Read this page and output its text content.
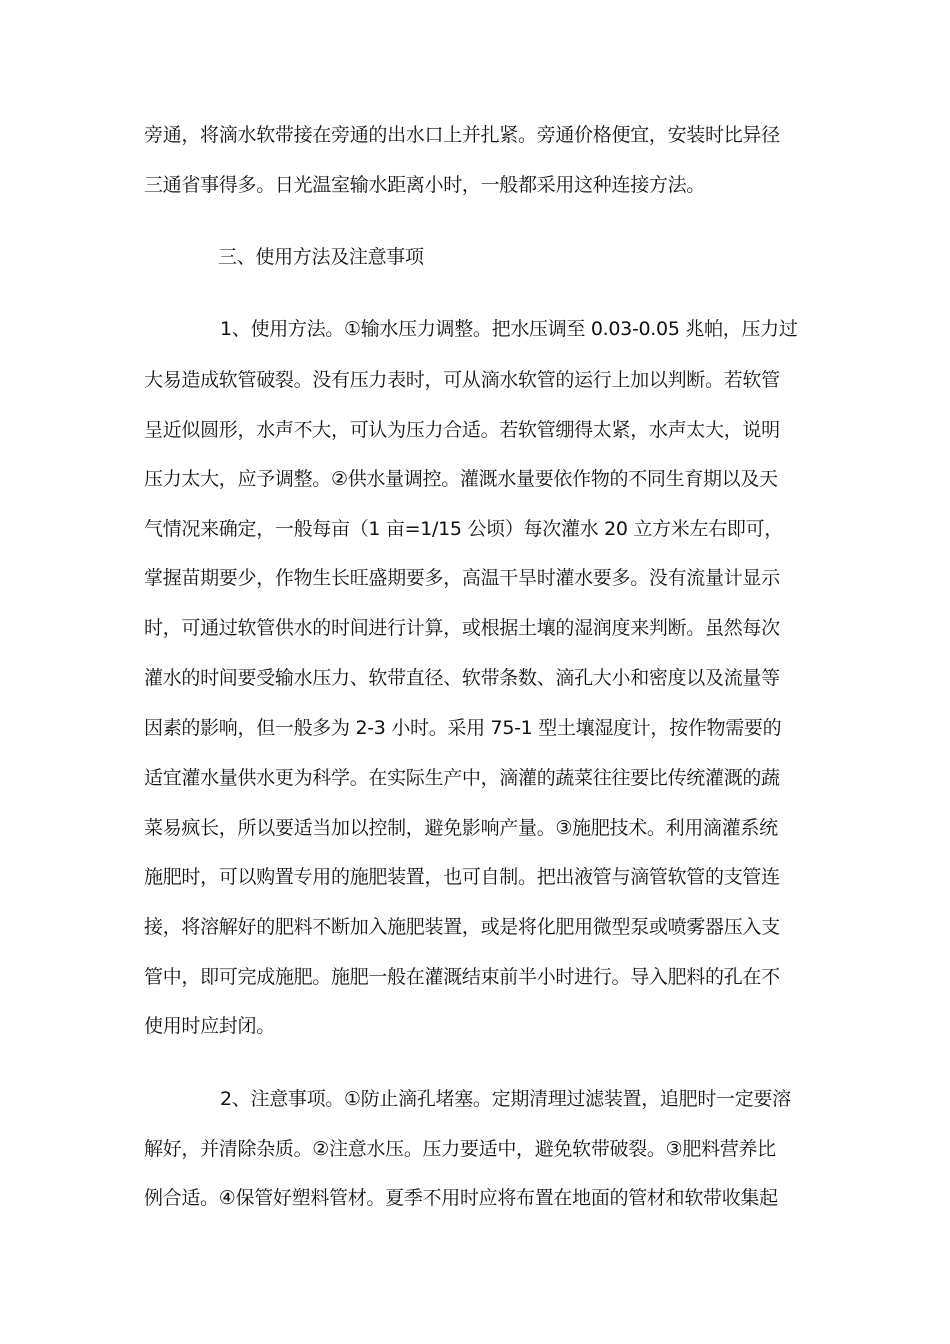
旁通，将滴水软带接在旁通的出水口上并扎紧。旁通价格便宜，安装时比异径

三通省事得多。日光温室输水距离小时，一般都采用这种连接方法。

三、使用方法及注意事项

1、使用方法。①输水压力调整。把水压调至 0.03-0.05 兆帕，压力过

大易造成软管破裂。没有压力表时，可从滴水软管的运行上加以判断。若软管

呈近似圆形，水声不大，可认为压力合适。若软管绷得太紧，水声太大，说明

压力太大，应予调整。②供水量调控。灌溉水量要依作物的不同生育期以及天

气情况来确定，一般每亩（1 亩=1/15 公顷）每次灌水 20 立方米左右即可，

掌握苗期要少，作物生长旺盛期要多，高温干旱时灌水要多。没有流量计显示

时，可通过软管供水的时间进行计算，或根据土壤的湿润度来判断。虽然每次

灌水的时间要受输水压力、软带直径、软带条数、滴孔大小和密度以及流量等

因素的影响，但一般多为 2-3 小时。采用 75-1 型土壤湿度计，按作物需要的

适宜灌水量供水更为科学。在实际生产中，滴灌的蔬菜往往要比传统灌溉的蔬

菜易疯长，所以要适当加以控制，避免影响产量。③施肥技术。利用滴灌系统

施肥时，可以购置专用的施肥装置，也可自制。把出液管与滴管软管的支管连

接，将溶解好的肥料不断加入施肥装置，或是将化肥用微型泵或喷雾器压入支

管中，即可完成施肥。施肥一般在灌溉结束前半小时进行。导入肥料的孔在不

使用时应封闭。

2、注意事项。①防止滴孔堵塞。定期清理过滤装置，追肥时一定要溶

解好，并清除杂质。②注意水压。压力要适中，避免软带破裂。③肥料营养比

例合适。④保管好塑料管材。夏季不用时应将布置在地面的管材和软带收集起
